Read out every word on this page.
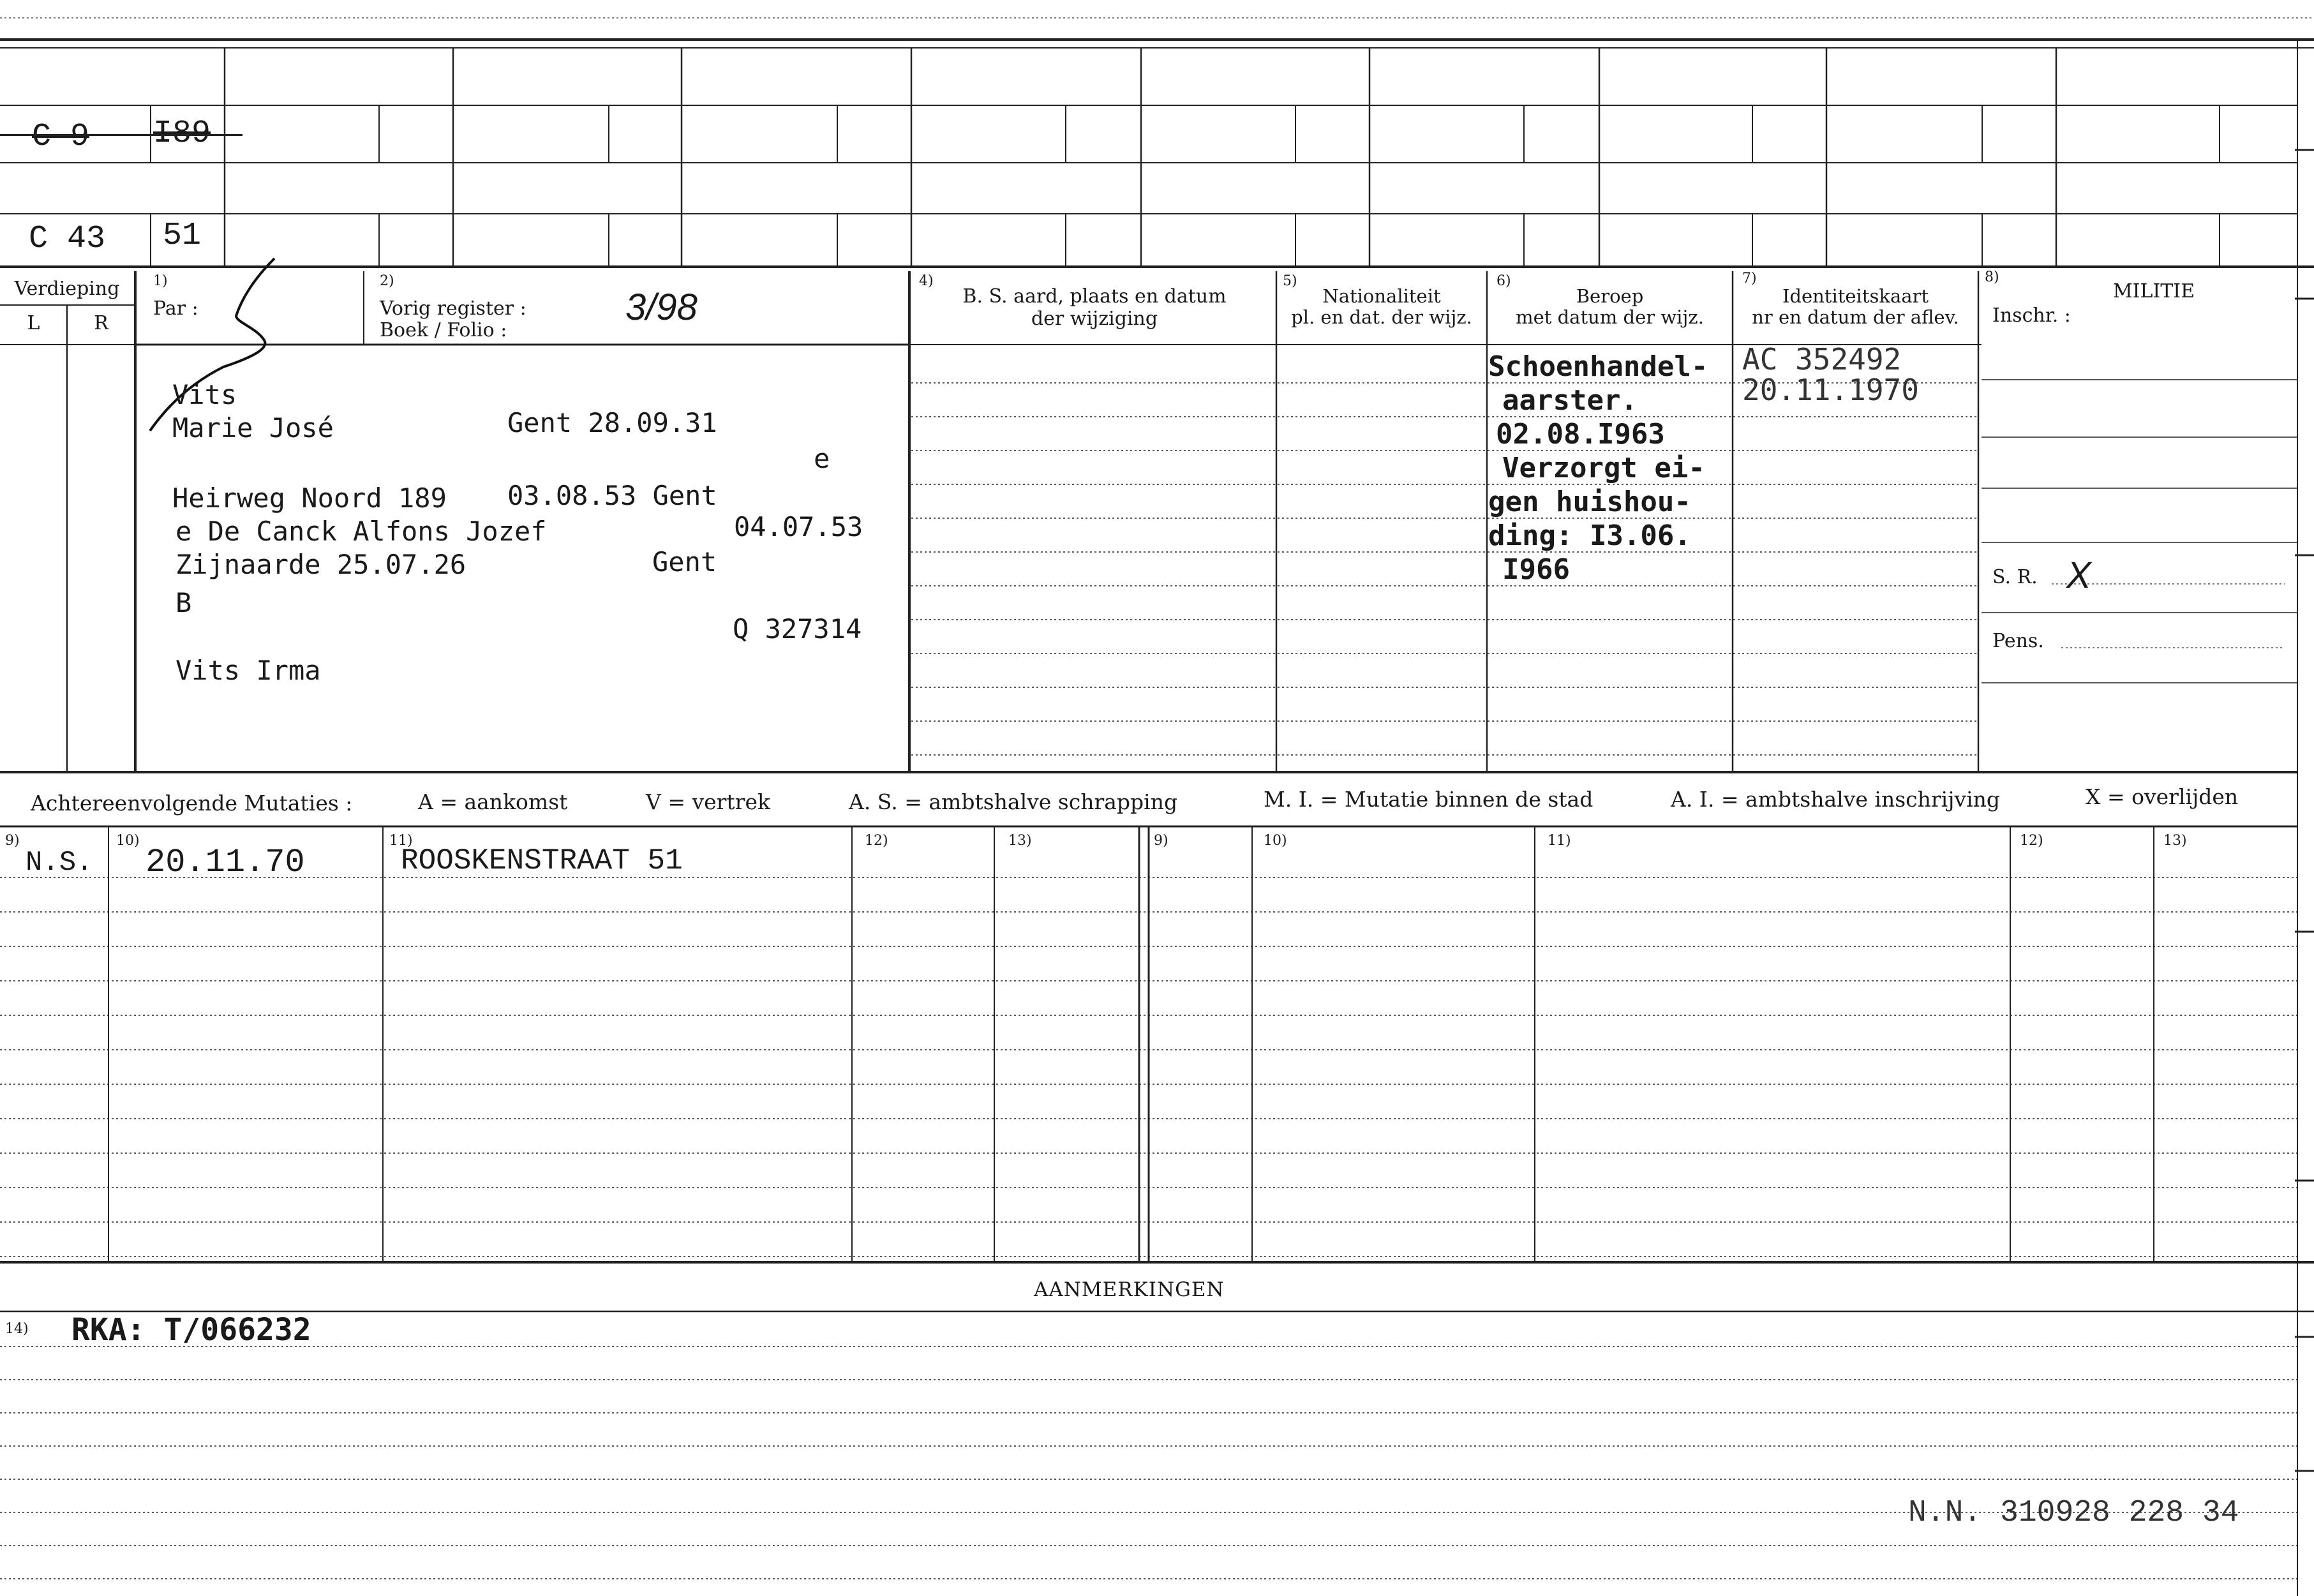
C 9 I89
C 43 51
Verdieping
L	R
$^{1)}$
Par :
$^{2)}$
Vorig register :
Boek / Folio :
3/98
4)
B. S. aard, plaats en datum
der wijziging
5)
Nationaliteit
pl. en dat. der wijz.
6)
Beroep
met datum der wijz.
7)
Identiteitskaart
nr en datum der aflev.
8)
MILITIE
Inschr. :
Vits
Marie José	Gent 28.09.31
e
Heirweg Noord 189 03.08.53 Gent
e De Canck Alfons Jozef	04.07.53
Zijnaarde 25.07.26	Gent
B
Q 327314
Vits Irma
Schoenhandel-
aarster.
02.08.I963
Verzorgt ei-
gen huishou-
ding: I3.06.
I966
AC 352492
20.11.1970
S. R. X
Pens.
Achtereenvolgende Mutaties :	A = aankomst	V = vertrek	A. S. = ambtshalve schrapping	M. I. = Mutatie binnen de stad	A. I. = ambtshalve inschrijving	X = overlijden
9)	10)	11)	12)	13)	9)	10)	11)	12)	13)
N.S. 20.11.70	ROOSKENSTRAAT 51
AANMERKINGEN
14) RKA: T/066232
N.N. 310928 228 34
